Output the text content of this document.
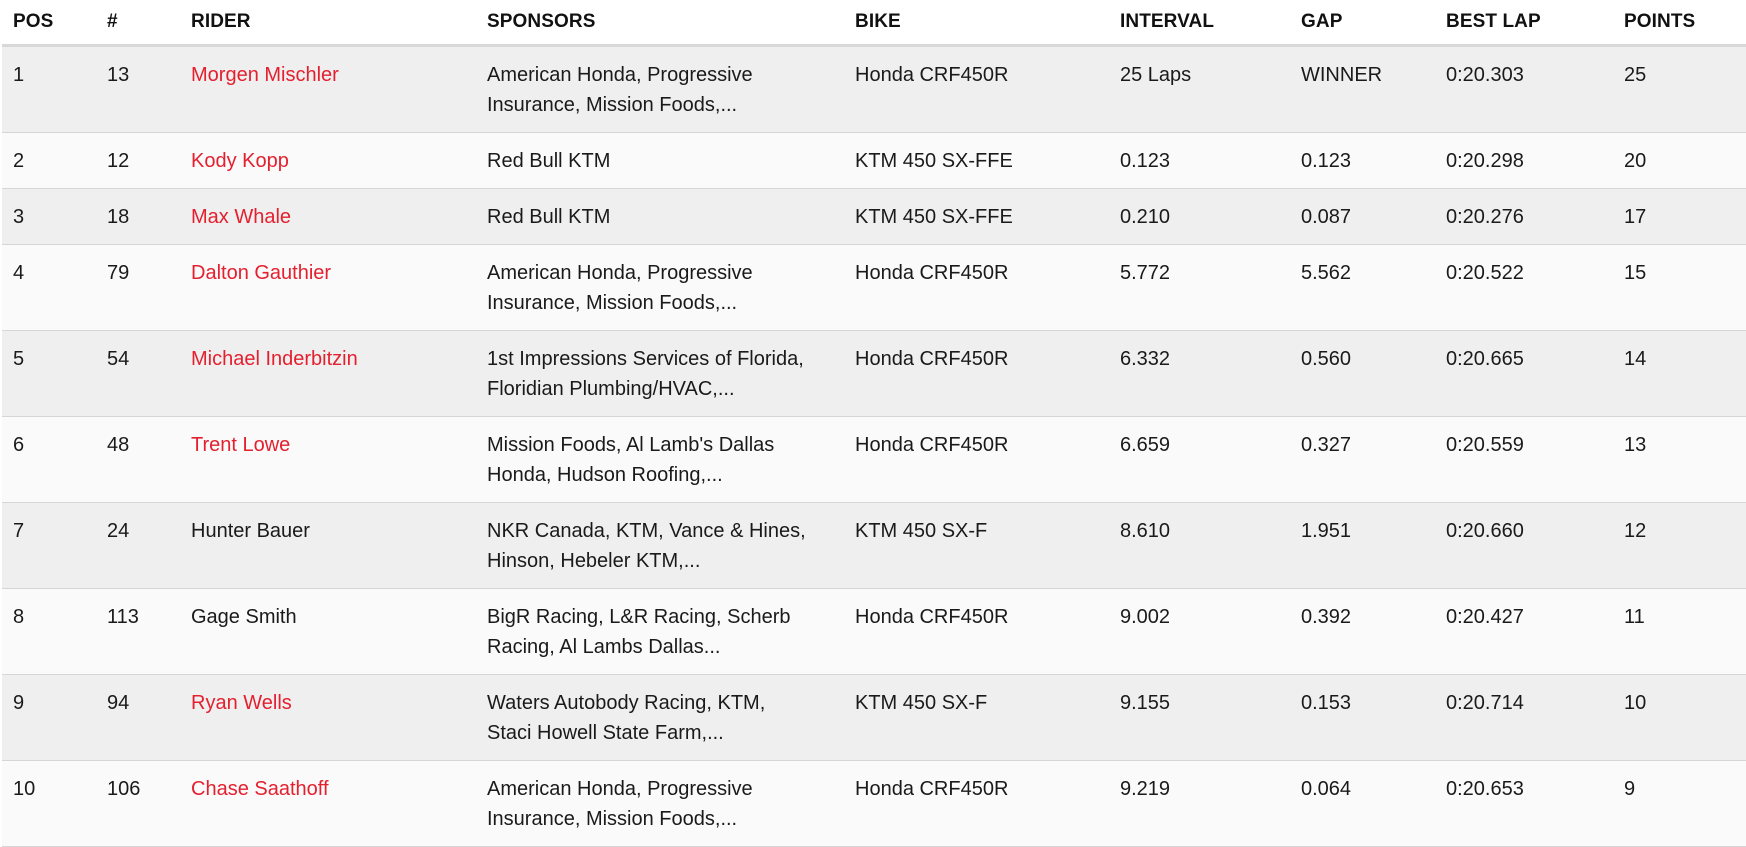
POS	#	RIDER	SPONSORS	BIKE	INTERVAL	GAP	BEST LAP	POINTS
1	13	Morgen Mischler	American Honda, Progressive
Insurance, Mission Foods,...	Honda CRF450R	25 Laps	WINNER	0:20.303	25
2	12	Kody Kopp	Red Bull KTM	KTM 450 SX-FFE	0.123	0.123	0:20.298	20
3	18	Max Whale	Red Bull KTM	KTM 450 SX-FFE	0.210	0.087	0:20.276	17
4	79	Dalton Gauthier	American Honda, Progressive
Insurance, Mission Foods,...	Honda CRF450R	5.772	5.562	0:20.522	15
5	54	Michael Inderbitzin	1st Impressions Services of Florida,
Floridian Plumbing/HVAC,...	Honda CRF450R	6.332	0.560	0:20.665	14
6	48	Trent Lowe	Mission Foods, Al Lamb's Dallas
Honda, Hudson Roofing,...	Honda CRF450R	6.659	0.327	0:20.559	13
7	24	Hunter Bauer	NKR Canada, KTM, Vance & Hines,
Hinson, Hebeler KTM,...	KTM 450 SX-F	8.610	1.951	0:20.660	12
8	113	Gage Smith	BigR Racing, L&R Racing, Scherb
Racing, Al Lambs Dallas...	Honda CRF450R	9.002	0.392	0:20.427	11
9	94	Ryan Wells	Waters Autobody Racing, KTM,
Staci Howell State Farm,...	KTM 450 SX-F	9.155	0.153	0:20.714	10
10	106	Chase Saathoff	American Honda, Progressive
Insurance, Mission Foods,...	Honda CRF450R	9.219	0.064	0:20.653	9
